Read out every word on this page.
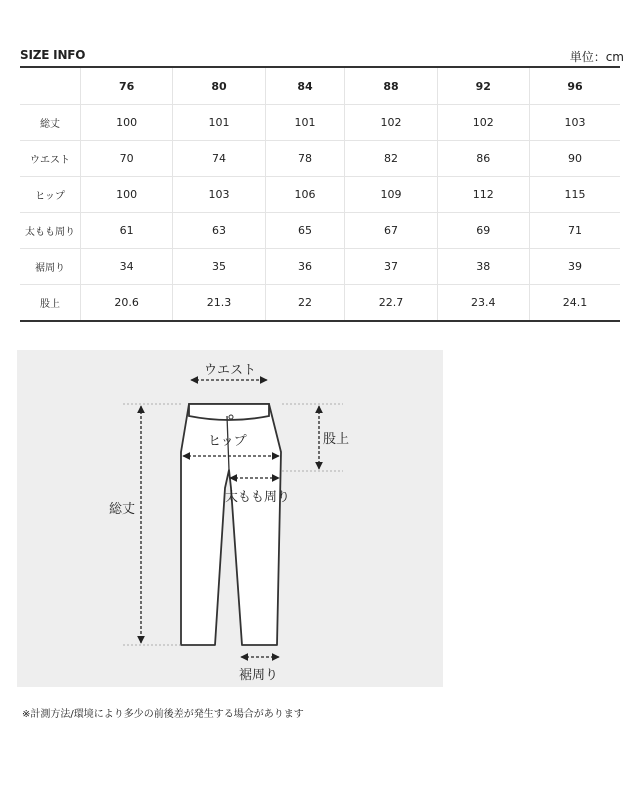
SIZE INFO	単位：cm
	76	80	84	88	92	96
総丈	100	101	101	102	102	103
ウエスト	70	74	78	82	86	90
ヒップ	100	103	106	109	112	115
太もも周り	61	63	65	67	69	71
裾周り	34	35	36	37	38	39
股上	20.6	21.3	22	22.7	23.4	24.1
ウエスト
ヒップ	股上
太もも周り
総丈
裾周り
※計測方法/環境により多少の前後差が発生する場合があります
